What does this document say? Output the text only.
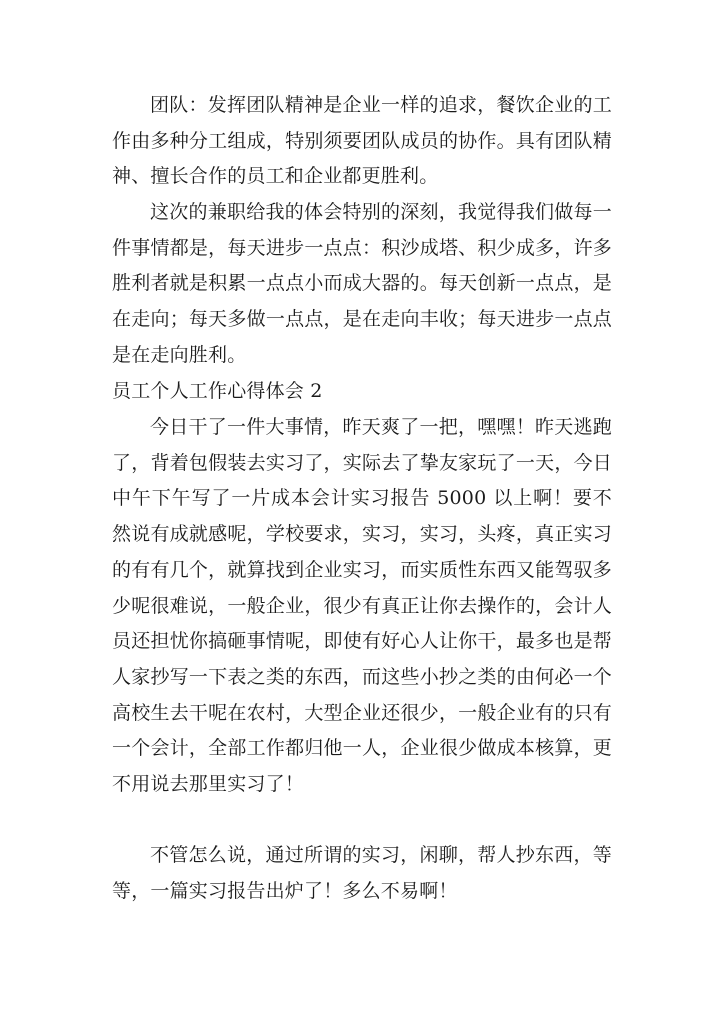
团队：发挥团队精神是企业一样的追求，餐饮企业的工作由多种分工组成，特别须要团队成员的协作。具有团队精神、擅长合作的员工和企业都更胜利。

这次的兼职给我的体会特别的深刻，我觉得我们做每一件事情都是，每天进步一点点：积沙成塔、积少成多，许多胜利者就是积累一点点小而成大器的。每天创新一点点，是在走向；每天多做一点点，是在走向丰收；每天进步一点点是在走向胜利。

员工个人工作心得体会 2

今日干了一件大事情，昨天爽了一把，嘿嘿！昨天逃跑了，背着包假装去实习了，实际去了挚友家玩了一天，今日中午下午写了一片成本会计实习报告 5000 以上啊！要不然说有成就感呢，学校要求，实习，实习，头疼，真正实习的有有几个，就算找到企业实习，而实质性东西又能驾驭多少呢很难说，一般企业，很少有真正让你去操作的，会计人员还担忧你搞砸事情呢，即使有好心人让你干，最多也是帮人家抄写一下表之类的东西，而这些小抄之类的由何必一个高校生去干呢在农村，大型企业还很少，一般企业有的只有一个会计，全部工作都归他一人，企业很少做成本核算，更不用说去那里实习了！

不管怎么说，通过所谓的实习，闲聊，帮人抄东西，等等，一篇实习报告出炉了！多么不易啊！
